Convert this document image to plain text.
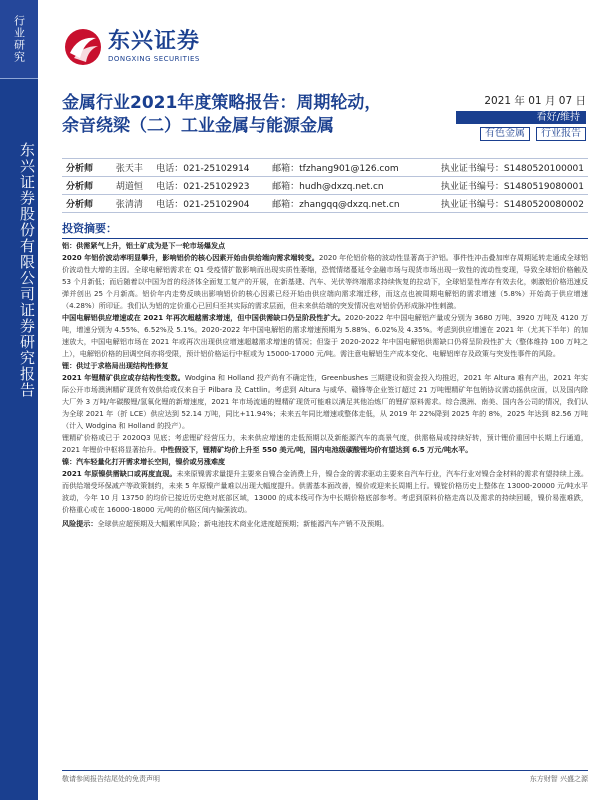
行业研究
东兴证券股份有限公司证券研究报告
东兴证券
DONGXING SECURITIES
金属行业2021年度策略报告：周期轮动，
余音绕梁（二）工业金属与能源金属
2021 年 01 月 07 日
看好/维持
有色金属	行业报告
分析师	张天丰	电话：021-25102914	邮箱：tfzhang901@126.com	执业证书编号：S1480520100001
分析师	胡道恒	电话：021-25102923	邮箱：hudh@dxzq.net.cn	执业证书编号：S1480519080001
分析师	张清清	电话：021-25102904	邮箱：zhangqq@dxzq.net.cn	执业证书编号：S1480520080002
投资摘要：

铝：供需紧气上升，铝土矿成为是下一轮市场爆发点

2020 年铝价波动率明显攀升，影响铝价的核心因素开始由供给端向需求端转变。2020 年伦铝价格的波动性显著高于沪铝。事件性冲击叠加库存周期延转走通成全球铝价波动性大增的主因。全球电解铝需求在 Q1 受疫情扩散影响而出现实质性萎缩，恐慌情绪蔓延令金融市场与现货市场出现一致性的流动性变现，导致全球铝价格触及 53 个月新低；而后随着以中国为首的经济体全面复工复产的开展，在新基建、汽车、光伏等终端需求持续恢复的拉动下，全球铝显性库存有效去化，刺激铝价格迅速反弹并创出 25 个月新高。铝价年内走势反映出影响铝价的核心因素已经开始由供应端向需求端迁移，而这点也被周期电解铝的需求增速（5.8%）开始高于供应增速（4.28%）所印证。我们认为铝的定价重心已回归至其实际的需求层面，但未来供给端的突发情况也对铝价仍形成脉冲性刺激。

中国电解铝供应增速或在 2021 年再次超越需求增速，但中国供需缺口仍呈阶段性扩大。2020-2022 年中国电解铝产量或分别为 3680 万吨、3920 万吨及 4120 万吨，增速分别为 4.55%、6.52%及 5.1%。2020-2022 年中国电解铝的需求增速预期为 5.88%、6.02%及 4.35%。考虑到供应增速在 2021 年（尤其下半年）的加速放大，中国电解铝市场在 2021 年或再次出现供应增速超越需求增速的情况；但鉴于 2020-2022 年中国电解铝供需缺口仍将呈阶段性扩大（整体维持 100 万吨之上），电解铝价格的回调空间亦将受限，预计铝价格运行中枢或为 15000-17000 元/吨。需注意电解铝生产成本变化、电解铝库存及政策与突发性事件的风险。

锂：供过于求格局出现结构性修复

2021 年锂精矿供应或存结构性变数。Wodgina 和 Holland 投产尚有不确定性，Greenbushes 三期建设和资金投入均推迟，2021 年 Altura 难有产出，2021 年实际公开市场澳洲精矿现货有效供给或仅来自于 Pilbara 及 Cattlin。考虑到 Altura 与威华、赣锋等企业签订超过 21 万吨锂精矿年包销协议需动摇供应面，以及国内除大厂外 3 万吨/年碳酸锂/氢氧化锂的新增速度，2021 年市场流通的锂精矿现货可能难以满足其他冶炼厂的锂矿原料需求。综合澳洲、南美、国内各公司的情况，我们认为全球 2021 年（折 LCE）供应达到 52.14 万吨，同比+11.94%；未来五年同比增速或整体走低，从 2019 年 22%降到 2025 年的 8%，2025 年达到 82.56 万吨（计入 Wodgina 和 Holland 的投产）。

锂精矿价格或已于 2020Q3 见底；考虑锂矿经营压力，未来供应增速的走低预期以及新能源汽车的高景气度，供需格局或持续好转，预计锂价重回中长期上行通道，2021 年锂价中枢将显著抬升。中性假设下，锂精矿均价上升至 550 美元/吨，国内电池级碳酸锂均价有望达到 6.5 万元/吨水平。

镍：汽车轻量化打开需求增长空间，镍价或另涨难度

2021 年原镍供需缺口或再度直现。未来原镍需求量提升主要来自镍合金消费上升，镍合金的需求驱动主要来自汽车行业，汽车行业对镍合金材料的需求有望持续上涨。而供给端受环保减产等政策制约，未来 5 年原镍产量难以出现大幅度提升。供需基本面改善，镍价或迎来长周期上行。镍锭价格历史上整体在 13000-20000 元/吨水平波动，今年 10 月 13750 的均价已接近历史绝对底部区域，13000 的成本线可作为中长期价格底部参考。考虑到原料价格走高以及需求的持续回暖，镍价易涨难跌，价格重心或在 16000-18000 元/吨的价格区间内偏强波动。

风险提示：全球供应超预期及大幅累库风险；新电池技术商业化进度超预期；新能源汽车产销不及预期。

敬请参阅报告结尾处的免责声明	东方财智 兴盛之源
